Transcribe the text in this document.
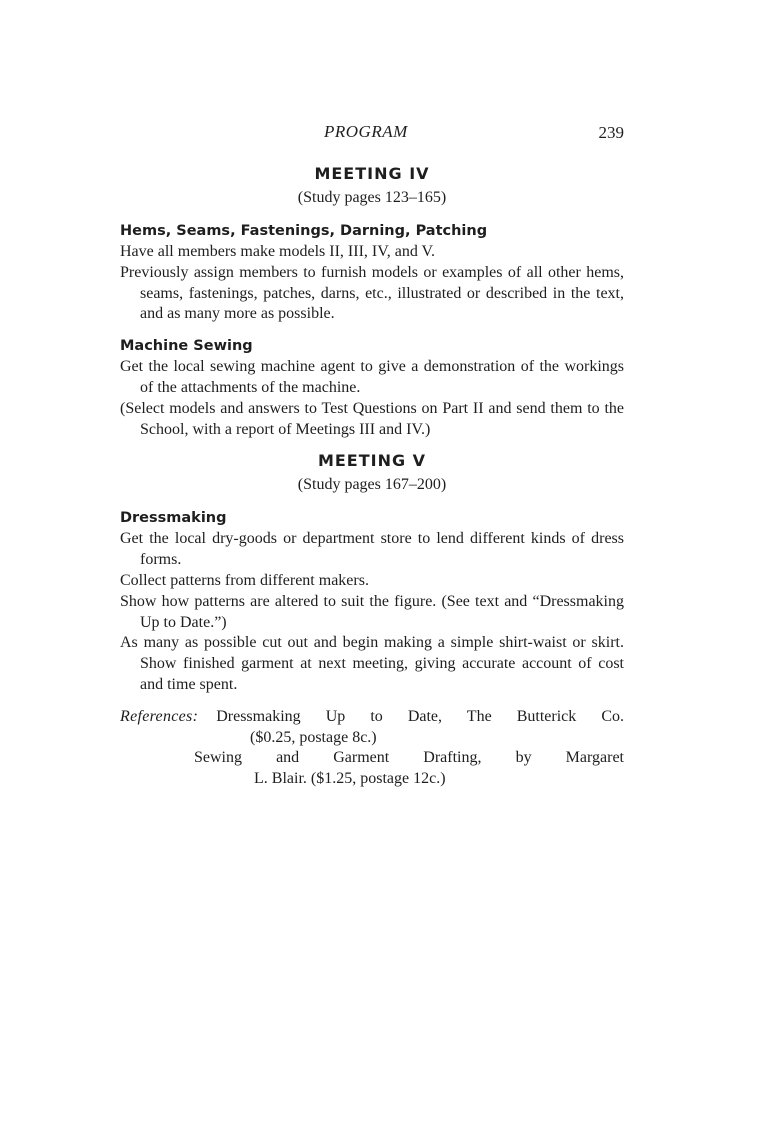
PROGRAM	239
MEETING IV
(Study pages 123–165)
Hems, Seams, Fastenings, Darning, Patching
Have all members make models II, III, IV, and V.
Previously assign members to furnish models or examples of all other hems, seams, fastenings, patches, darns, etc., illustrated or described in the text, and as many more as possible.
Machine Sewing
Get the local sewing machine agent to give a demonstration of the workings of the attachments of the machine.
(Select models and answers to Test Questions on Part II and send them to the School, with a report of Meetings III and IV.)
MEETING V
(Study pages 167–200)
Dressmaking
Get the local dry-goods or department store to lend different kinds of dress forms.
Collect patterns from different makers.
Show how patterns are altered to suit the figure. (See text and “Dressmaking Up to Date.”)
As many as possible cut out and begin making a simple shirt-waist or skirt. Show finished garment at next meeting, giving accurate account of cost and time spent.
References: Dressmaking Up to Date, The Butterick Co.
($0.25, postage 8c.)
Sewing and Garment Drafting, by Margaret
L. Blair. ($1.25, postage 12c.)
